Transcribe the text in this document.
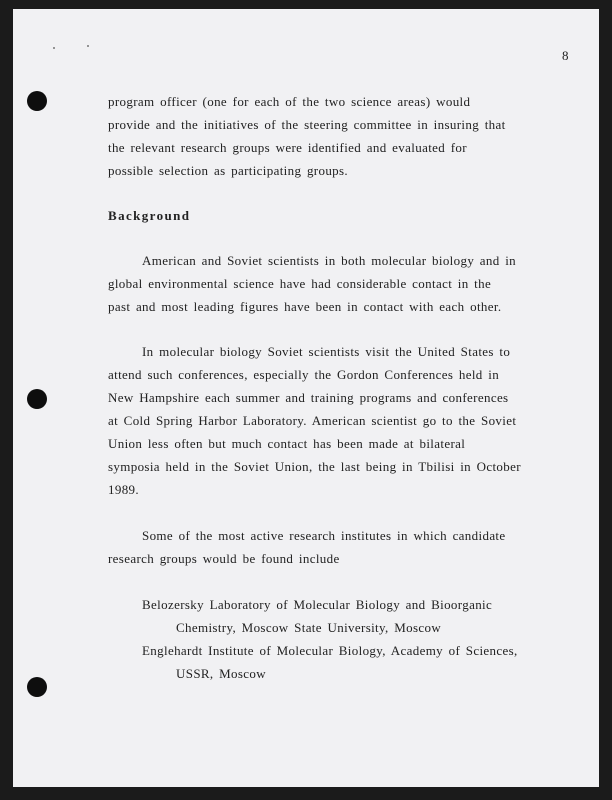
8
program officer (one for each of the two science areas) would
provide and the initiatives of the steering committee in insuring that
the relevant research groups were identified and evaluated for
possible selection as participating groups.
Background
American and Soviet scientists in both molecular biology and in
global environmental science have had considerable contact in the
past and most leading figures have been in contact with each other.
In molecular biology Soviet scientists visit the United States to
attend such conferences, especially the Gordon Conferences held in
New Hampshire each summer and training programs and conferences
at Cold Spring Harbor Laboratory. American scientist go to the Soviet
Union less often but much contact has been made at bilateral
symposia held in the Soviet Union, the last being in Tbilisi in October
1989.
Some of the most active research institutes in which candidate
research groups would be found include
Belozersky Laboratory of Molecular Biology and Bioorganic
Chemistry, Moscow State University, Moscow
Englehardt Institute of Molecular Biology, Academy of Sciences,
USSR, Moscow
